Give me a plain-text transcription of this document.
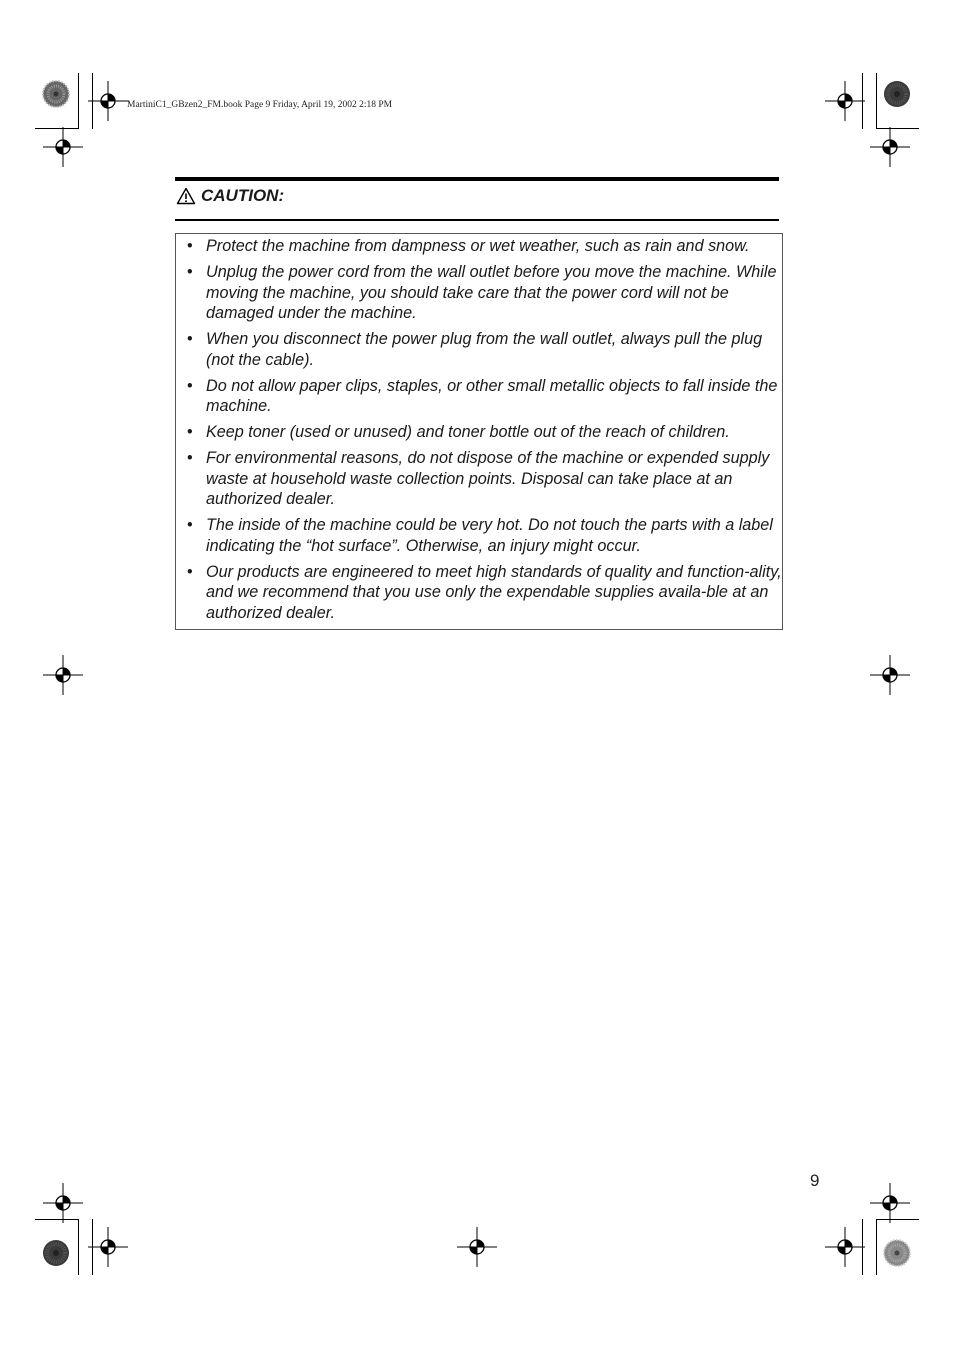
MartiniC1_GBzen2_FM.book Page 9 Friday, April 19, 2002 2:18 PM
CAUTION:
• Protect the machine from dampness or wet weather, such as rain and snow.
• Unplug the power cord from the wall outlet before you move the machine. While moving the machine, you should take care that the power cord will not be damaged under the machine.
• When you disconnect the power plug from the wall outlet, always pull the plug (not the cable).
• Do not allow paper clips, staples, or other small metallic objects to fall inside the machine.
• Keep toner (used or unused) and toner bottle out of the reach of children.
• For environmental reasons, do not dispose of the machine or expended supply waste at household waste collection points. Disposal can take place at an authorized dealer.
• The inside of the machine could be very hot. Do not touch the parts with a label indicating the “hot surface”. Otherwise, an injury might occur.
• Our products are engineered to meet high standards of quality and function-ality, and we recommend that you use only the expendable supplies availa-ble at an authorized dealer.
9
